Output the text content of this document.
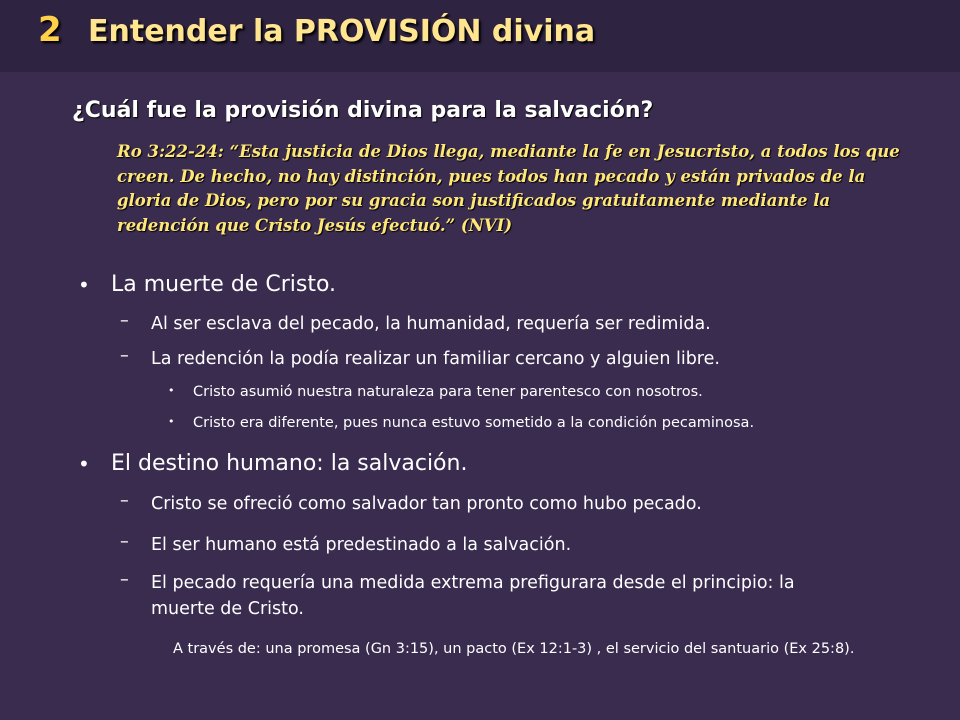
2 Entender la PROVISIÓN divina
¿Cuál fue la provisión divina para la salvación?
Ro 3:22-24: “Esta justicia de Dios llega, mediante la fe en Jesucristo, a todos los que creen. De hecho, no hay distinción, pues todos han pecado y están privados de la gloria de Dios, pero por su gracia son justificados gratuitamente mediante la redención que Cristo Jesús efectuó.” (NVI)
• La muerte de Cristo.
– Al ser esclava del pecado, la humanidad, requería ser redimida.
– La redención la podía realizar un familiar cercano y alguien libre.
• Cristo asumió nuestra naturaleza para tener parentesco con nosotros.
• Cristo era diferente, pues nunca estuvo sometido a la condición pecaminosa.
• El destino humano: la salvación.
– Cristo se ofreció como salvador tan pronto como hubo pecado.
– El ser humano está predestinado a la salvación.
– El pecado requería una medida extrema prefigurara desde el principio: la muerte de Cristo.
A través de: una promesa (Gn 3:15), un pacto (Ex 12:1-3) , el servicio del santuario (Ex 25:8).
